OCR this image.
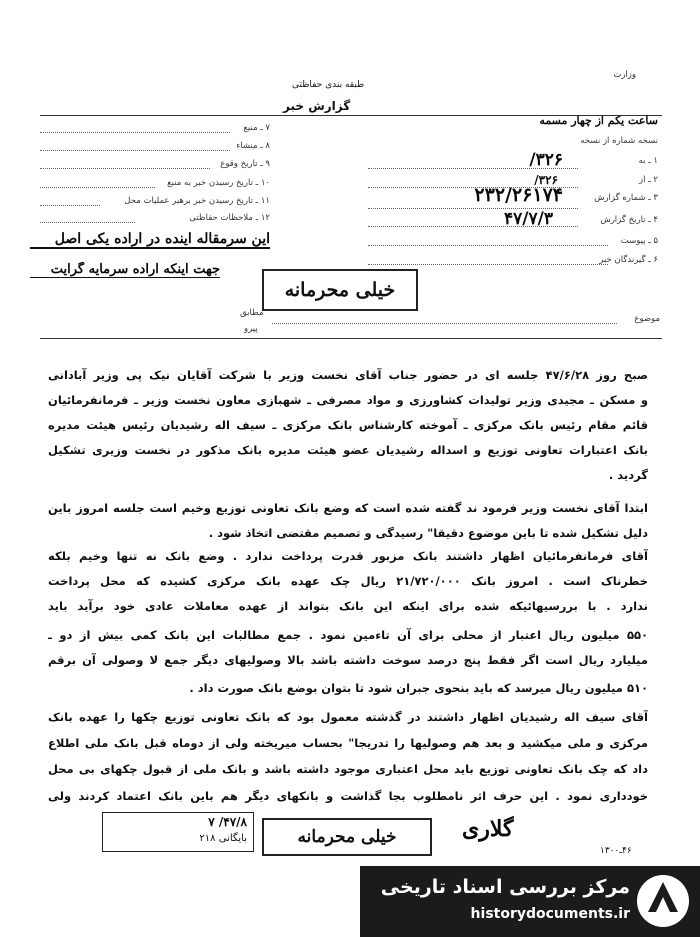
وزارت
طبقه بندی حفاظتی
گزارش خبر
ساعت یکم از چهار مسمه
نسخه شماره از نسخه
۱ ـ به
۳۲۶/
۲ ـ از
۳۲۶/
۳ ـ شماره گزارش
۲۳۲/۲۶۱۷۴
۴ ـ تاریخ گزارش
۴۷/۷/۳
۵ ـ پیوست
۶ ـ گیرندگان خبر
۷ ـ منبع
۸ ـ منشاء
۹ ـ تاریخ وقوع
۱۰ ـ تاریخ رسیدن خبر به منبع
۱۱ ـ تاریخ رسیدن خبر برهبر عملیات محل
۱۲ ـ ملاحظات حفاظتی
این سرمقاله اینده در اراده یکی اصل
جهت اینکه اراده سرمایه گرایت
خیلی محرمانه
مطابق
پیرو
موضوع
صبح روز ۴۷/۶/۲۸ جلسه ای در حضور جناب آقای نخست وزیر با شرکت آقایان نیک پی وزیر آبادانی
و مسکن ـ مجیدی وزیر تولیدات کشاورزی و مواد مصرفی ـ شهبازی معاون نخست وزیر ـ فرمانفرمائیان
قائم مقام رئیس بانک مرکزی ـ آموخته کارشناس بانک مرکزی ـ سیف اله رشیدیان رئیس هیئت مدیره
بانک اعتبارات تعاونی توزیع و اسداله رشیدیان عضو هیئت مدیره بانک مذکور در نخست وزیری تشکیل
گردید .
ابتدا آقای نخست وزیر فرمود ند گفته شده است که وضع بانک تعاونی توزیع وخیم است جلسه امروز باین
دلیل تشکیل شده تا باین موضوع دقیقا" رسیدگی و تصمیم مقتضی اتخاذ شود .
آقای فرمانفرمائیان اظهار داشتند بانک مزبور قدرت پرداخت ندارد . وضع بانک نه تنها وخیم بلکه
خطرناک است . امروز بانک ۲۱/۷۲۰/۰۰۰ ریال چک عهده بانک مرکزی کشیده که محل پرداخت
ندارد . با بررسیهائیکه شده برای اینکه این بانک بتواند از عهده معاملات عادی خود برآید باید
۵۵۰ میلیون ریال اعتبار از محلی برای آن تاءمین نمود . جمع مطالبات این بانک کمی بیش از دو ـ
میلیارد ریال است اگر فقط پنج درصد سوخت داشته باشد بالا وصولیهای دیگر جمع لا وصولی آن برقم
۵۱۰ میلیون ریال میرسد که باید بنحوی جبران شود تا بتوان بوضع بانک صورت داد .
آقای سیف اله رشیدیان اظهار داشتند در گذشته معمول بود که بانک تعاونی توزیع چکها را عهده بانک
مرکزی و ملی میکشید و بعد هم وصولیها را تدریجا" بحساب میریخته ولی از دوماه قبل بانک ملی اطلاع
داد که چک بانک تعاونی توزیع باید محل اعتباری موجود داشته باشد و بانک ملی از قبول چکهای بی محل
خودداری نمود . این حرف اثر نامطلوب بجا گذاشت و بانکهای دیگر هم باین بانک اعتماد کردند ولی
۴۷/۸/ ۷
بایگانی ۲۱۸	خیلی محرمانه	گلاری
۴۶ـ۱۳۰۰
مرکز بررسی اسناد تاریخی
historydocuments.ir
